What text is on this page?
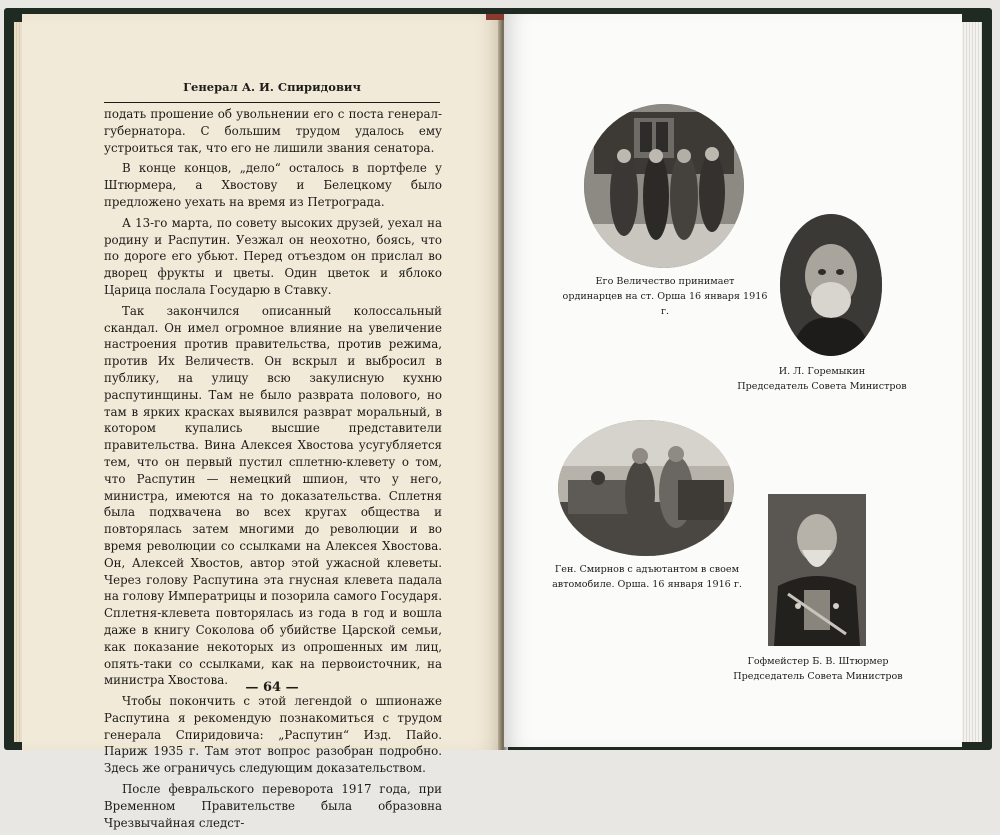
Генерал А. И. Спиридович

подать прошение об увольнении его с поста генерал-губернатора. С большим трудом удалось ему устроиться так, что его не лишили звания сенатора.

В конце концов, „дело“ осталось в портфеле у Штюрмера, а Хвостову и Белецкому было предложено уехать на время из Петрограда.

А 13-го марта, по совету высоких друзей, уехал на родину и Распутин. Уезжал он неохотно, боясь, что по дороге его убьют. Перед отъездом он прислал во дворец фрукты и цветы. Один цветок и яблоко Царица послала Государю в Ставку.

Так закончился описанный колоссальный скандал. Он имел огромное влияние на увеличение настроения против правительства, против режима, против Их Величеств. Он вскрыл и выбросил в публику, на улицу всю закулисную кухню распутинщины. Там не было разврата полового, но там в ярких красках выявился разврат моральный, в котором купались высшие представители правительства. Вина Алексея Хвостова усугубляется тем, что он первый пустил сплетню-клевету о том, что Распутин — немецкий шпион, что у него, министра, имеются на то доказательства. Сплетня была подхвачена во всех кругах общества и повторялась затем многими до революции и во время революции со ссылками на Алексея Хвостова. Он, Алексей Хвостов, автор этой ужасной клеветы. Через голову Распутина эта гнусная клевета падала на голову Императрицы и позорила самого Государя. Сплетня-клевета повторялась из года в год и вошла даже в книгу Соколова об убийстве Царской семьи, как показание некоторых из опрошенных им лиц, опять-таки со ссылками, как на первоисточник, на министра Хвостова.

Чтобы покончить с этой легендой о шпионаже Распутина я рекомендую познакомиться с трудом генерала Спиридовича: „Распутин“ Изд. Пайо. Париж 1935 г. Там этот вопрос разобран подробно. Здесь же ограничусь следующим доказательством.

После февральского переворота 1917 года, при Временном Правительстве была образовна Чрезвычайная следст-

— 64 —
Его Величество принимает
ординарцев на ст. Орша 16 января 1916 г.
И. Л. Горемыкин
Председатель Совета Министров
Ген. Смирнов с адъютантом в своем
автомобиле. Орша. 16 января 1916 г.
Гофмейстер Б. В. Штюрмер
Председатель Совета Министров
